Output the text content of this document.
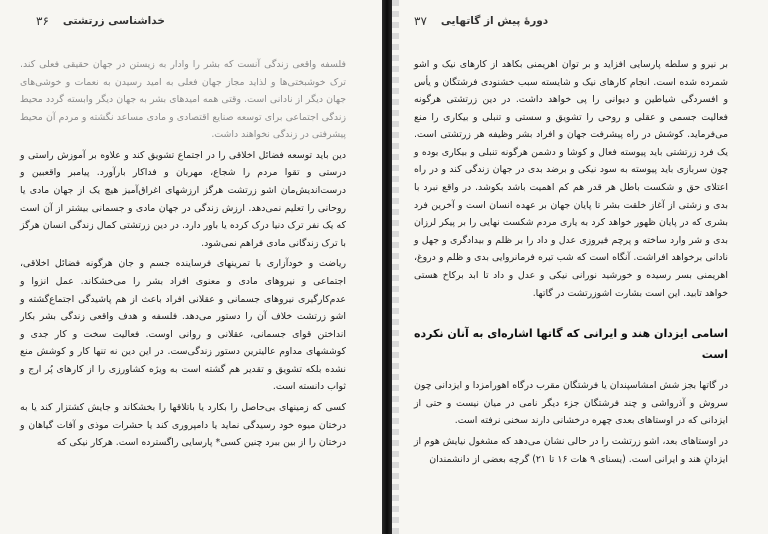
۳۶ خداشناسی زرتشتی

فلسفه واقعی زندگی آنست که بشر را وادار به زیستن در جهان حقیقی فعلی کند. ترک خوشبختی‌ها و لذاید مجاز جهان فعلی به امید رسیدن به نعمات و خوشی‌های جهان دیگر از نادانی است. وقتی همه امیدهای بشر به جهان دیگر وابسته گردد محیط زندگی اجتماعی برای توسعه صنایع اقتصادی و مادی مساعد نگشته و مردم آن محیط پیشرفتی در زندگی نخواهند داشت.

دین باید توسعه فضائل اخلاقی را در اجتماع تشویق کند و علاوه بر آموزش راستی و درستی و تقوا مردم را شجاع، مهربان و فداکار بارآورد. پیامبر واقعبین و درست‌اندیش‌مان اشو زرتشت هرگز ارزشهای اغراق‌آمیز هیچ یک از جهان مادی یا روحانی را تعلیم نمی‌دهد. ارزش زندگی در جهان مادی و جسمانی بیشتر از آن است که یک نفر ترک دنیا درک کرده یا باور دارد. در دین زرتشتی کمال زندگی انسان هرگز با ترک زندگانی مادی فراهم نمی‌شود.

ریاضت و خودآزاری با تمرینهای فرساینده جسم و جان هرگونه فضائل اخلاقی، اجتماعی و نیروهای مادی و معنوی افراد بشر را می‌خشکاند. عمل انزوا و عدم‌کارگیری نیروهای جسمانی و عقلانی افراد باعث از هم پاشیدگی اجتماع‌گشته و اشو زرتشت خلاف آن را دستور می‌دهد. فلسفه و هدف واقعی زندگی بشر بکار انداختن قوای جسمانی، عقلانی و روانی اوست. فعالیت سخت و کار جدی و کوششهای مداوم عالیترین دستور زندگی‌ست. در این دین نه تنها کار و کوشش منع نشده بلکه تشویق و تقدیر هم گشته است به ویژه کشاورزی را از کارهای پُر ارج و ثواب دانسته است.

کسی که زمینهای بی‌حاصل را بکارد یا باتلاقها را بخشکاند و جایش کشتزار کند یا به درختان میوه خود رسیدگی نماید یا دامپروری کند یا حشرات موذی و آفات گیاهان و درختان را از بین ببرد چنین کسی* پارسایی راگسترده است. هرکار نیکی که

دورهٔ پیش از گاتهایی
۳۷

بر نیرو و سلطه پارسایی افزاید و بر توان اهریمنی بکاهد از کارهای نیک و اشو شمرده شده است. انجام کارهای نیک و شایسته سبب خشنودی فرشتگان و یأس و افسردگی شیاطین و دیوانی را پی خواهد داشت. در دین زرتشتی هرگونه فعالیت جسمی و عقلی و روحی را تشویق و سستی و تنبلی و بیکاری را منع می‌فرماید. کوشش در راه پیشرفت جهان و افراد بشر وظیفه هر زرتشتی است. یک فرد زرتشتی باید پیوسته فعال و کوشا و دشمن هرگونه تنبلی و بیکاری بوده و چون سربازی باید پیوسته به سود نیکی و برضد بدی در جهان زندگی کند و در راه اعتلای حق و شکست باطل هر قدر هم کم اهمیت باشد بکوشد. در واقع نبرد با بدی و زشتی از آغاز خلقت بشر تا پایان جهان بر عهده انسان است و آخرین فرد بشری که در پایان ظهور خواهد کرد به یاری مردم شکست نهایی را بر پیکر لرزان بدی و شر وارد ساخته و پرچم فیروزی عدل و داد را بر ظلم و بیدادگری و جهل و نادانی برخواهد افراشت. آنگاه است که شب تیره فرمانروایی بدی و ظلم و دروغ، اهریمنی بسر رسیده و خورشید نورانی نیکی و عدل و داد تا ابد برکاخ هستی خواهد تابید. این است بشارت اشوزرتشت در گاتها.

اسامی ایزدان هند و ایرانی که گاتها اشاره‌ای به آنان نکرده است

در گاتها بجز شش امشاسپندان یا فرشتگان مقرب درگاه اهورامزدا و ایزدانی چون سروش و آذرواشی و چند فرشتگان جزء دیگر نامی در میان نیست و حتی از ایزدانی که در اوستاهای بعدی چهره درخشانی دارند سخنی نرفته است.

در اوستاهای بعد، اشو زرتشت را در حالی نشان می‌دهد که مشغول نیایش هوم از ایزدانِ هند و ایرانی است. (یسنای ۹ هات ۱۶ تا ۲۱) گرچه بعضی از دانشمندان
